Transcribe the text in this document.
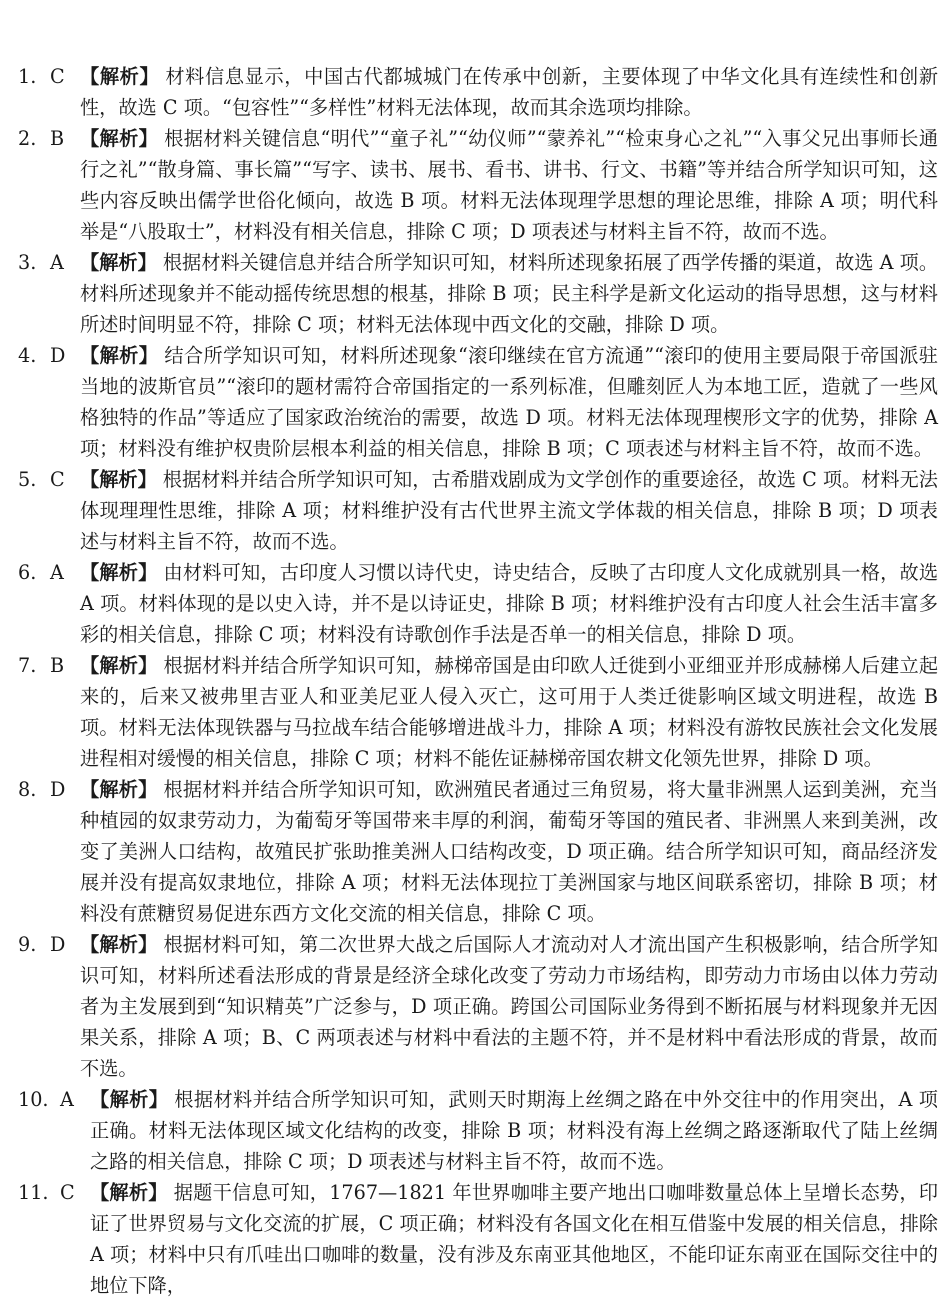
1. C 【解析】 材料信息显示，中国古代都城城门在传承中创新，主要体现了中华文化具有连续性和创新性，故选 C 项。“包容性”“多样性”材料无法体现，故而其余选项均排除。
2. B 【解析】 根据材料关键信息“明代”“童子礼”“幼仪师”“蒙养礼”“检束身心之礼”“入事父兄出事师长通行之礼”“散身篇、事长篇”“写字、读书、展书、看书、讲书、行文、书籍”等并结合所学知识可知，这些内容反映出儒学世俗化倾向，故选 B 项。材料无法体现理学思想的理论思维，排除 A 项；明代科举是“八股取士”，材料没有相关信息，排除 C 项；D 项表述与材料主旨不符，故而不选。
3. A 【解析】 根据材料关键信息并结合所学知识可知，材料所述现象拓展了西学传播的渠道，故选 A 项。材料所述现象并不能动摇传统思想的根基，排除 B 项；民主科学是新文化运动的指导思想，这与材料所述时间明显不符，排除 C 项；材料无法体现中西文化的交融，排除 D 项。
4. D 【解析】 结合所学知识可知，材料所述现象“滚印继续在官方流通”“滚印的使用主要局限于帝国派驻当地的波斯官员”“滚印的题材需符合帝国指定的一系列标准，但雕刻匠人为本地工匠，造就了一些风格独特的作品”等适应了国家政治统治的需要，故选 D 项。材料无法体现理楔形文字的优势，排除 A 项；材料没有维护权贵阶层根本利益的相关信息，排除 B 项；C 项表述与材料主旨不符，故而不选。
5. C 【解析】 根据材料并结合所学知识可知，古希腊戏剧成为文学创作的重要途径，故选 C 项。材料无法体现理理性思维，排除 A 项；材料维护没有古代世界主流文学体裁的相关信息，排除 B 项；D 项表述与材料主旨不符，故而不选。
6. A 【解析】 由材料可知，古印度人习惯以诗代史，诗史结合，反映了古印度人文化成就别具一格，故选 A 项。材料体现的是以史入诗，并不是以诗证史，排除 B 项；材料维护没有古印度人社会生活丰富多彩的相关信息，排除 C 项；材料没有诗歌创作手法是否单一的相关信息，排除 D 项。
7. B 【解析】 根据材料并结合所学知识可知，赫梯帝国是由印欧人迁徙到小亚细亚并形成赫梯人后建立起来的，后来又被弗里吉亚人和亚美尼亚人侵入灭亡，这可用于人类迁徙影响区域文明进程，故选 B 项。材料无法体现铁器与马拉战车结合能够增进战斗力，排除 A 项；材料没有游牧民族社会文化发展进程相对缓慢的相关信息，排除 C 项；材料不能佐证赫梯帝国农耕文化领先世界，排除 D 项。
8. D 【解析】 根据材料并结合所学知识可知，欧洲殖民者通过三角贸易，将大量非洲黑人运到美洲，充当种植园的奴隶劳动力，为葡萄牙等国带来丰厚的利润，葡萄牙等国的殖民者、非洲黑人来到美洲，改变了美洲人口结构，故殖民扩张助推美洲人口结构改变，D 项正确。结合所学知识可知，商品经济发展并没有提高奴隶地位，排除 A 项；材料无法体现拉丁美洲国家与地区间联系密切，排除 B 项；材料没有蔗糖贸易促进东西方文化交流的相关信息，排除 C 项。
9. D 【解析】 根据材料可知，第二次世界大战之后国际人才流动对人才流出国产生积极影响，结合所学知识可知，材料所述看法形成的背景是经济全球化改变了劳动力市场结构，即劳动力市场由以体力劳动者为主发展到到“知识精英”广泛参与，D 项正确。跨国公司国际业务得到不断拓展与材料现象并无因果关系，排除 A 项；B、C 两项表述与材料中看法的主题不符，并不是材料中看法形成的背景，故而不选。
10. A 【解析】 根据材料并结合所学知识可知，武则天时期海上丝绸之路在中外交往中的作用突出，A 项正确。材料无法体现区域文化结构的改变，排除 B 项；材料没有海上丝绸之路逐渐取代了陆上丝绸之路的相关信息，排除 C 项；D 项表述与材料主旨不符，故而不选。
11. C 【解析】 据题干信息可知，1767—1821 年世界咖啡主要产地出口咖啡数量总体上呈增长态势，印证了世界贸易与文化交流的扩展，C 项正确；材料没有各国文化在相互借鉴中发展的相关信息，排除 A 项；材料中只有爪哇出口咖啡的数量，没有涉及东南亚其他地区，不能印证东南亚在国际交往中的地位下降，
